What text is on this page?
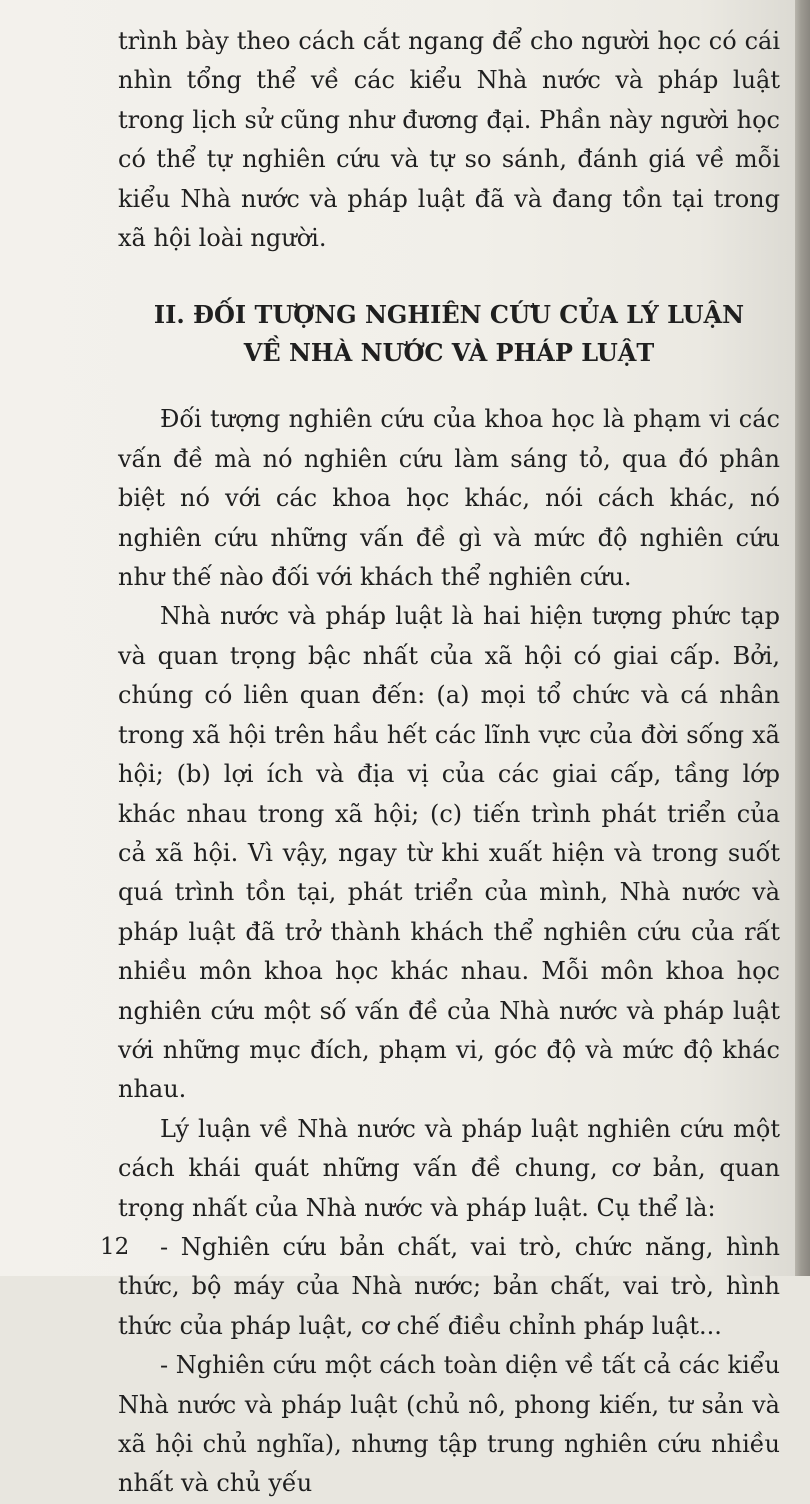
trình bày theo cách cắt ngang để cho người học có cái nhìn tổng thể về các kiểu Nhà nước và pháp luật trong lịch sử cũng như đương đại. Phần này người học có thể tự nghiên cứu và tự so sánh, đánh giá về mỗi kiểu Nhà nước và pháp luật đã và đang tồn tại trong xã hội loài người.

II. ĐỐI TƯỢNG NGHIÊN CỨU CỦA LÝ LUẬN
VỀ NHÀ NƯỚC VÀ PHÁP LUẬT

Đối tượng nghiên cứu của khoa học là phạm vi các vấn đề mà nó nghiên cứu làm sáng tỏ, qua đó phân biệt nó với các khoa học khác, nói cách khác, nó nghiên cứu những vấn đề gì và mức độ nghiên cứu như thế nào đối với khách thể nghiên cứu.

Nhà nước và pháp luật là hai hiện tượng phức tạp và quan trọng bậc nhất của xã hội có giai cấp. Bởi, chúng có liên quan đến: (a) mọi tổ chức và cá nhân trong xã hội trên hầu hết các lĩnh vực của đời sống xã hội; (b) lợi ích và địa vị của các giai cấp, tầng lớp khác nhau trong xã hội; (c) tiến trình phát triển của cả xã hội. Vì vậy, ngay từ khi xuất hiện và trong suốt quá trình tồn tại, phát triển của mình, Nhà nước và pháp luật đã trở thành khách thể nghiên cứu của rất nhiều môn khoa học khác nhau. Mỗi môn khoa học nghiên cứu một số vấn đề của Nhà nước và pháp luật với những mục đích, phạm vi, góc độ và mức độ khác nhau.

Lý luận về Nhà nước và pháp luật nghiên cứu một cách khái quát những vấn đề chung, cơ bản, quan trọng nhất của Nhà nước và pháp luật. Cụ thể là:

- Nghiên cứu bản chất, vai trò, chức năng, hình thức, bộ máy của Nhà nước; bản chất, vai trò, hình thức của pháp luật, cơ chế điều chỉnh pháp luật...

- Nghiên cứu một cách toàn diện về tất cả các kiểu Nhà nước và pháp luật (chủ nô, phong kiến, tư sản và xã hội chủ nghĩa), nhưng tập trung nghiên cứu nhiều nhất và chủ yếu

12
